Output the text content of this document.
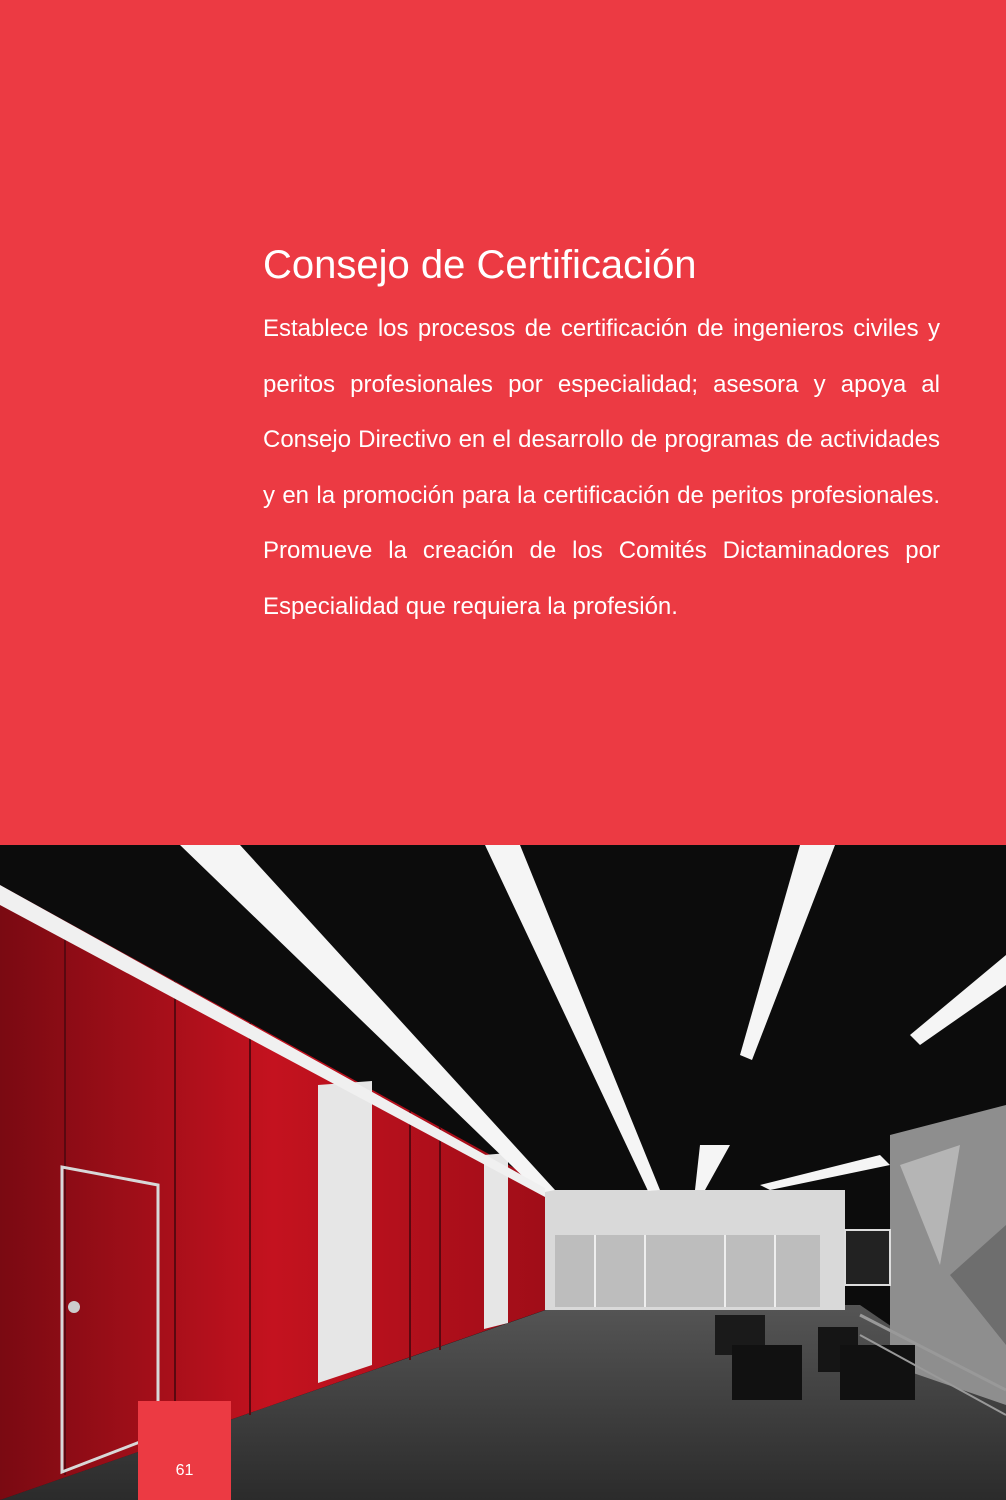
Consejo de Certificación

Establece los procesos de certificación de ingenieros civiles y peritos profesionales por especialidad; asesora y apoya al Consejo Directivo en el desarrollo de programas de actividades y en la promoción para la certificación de peritos profesionales. Promueve la creación de los Comités Dictaminadores por Especialidad que requiera la profesión.

61
